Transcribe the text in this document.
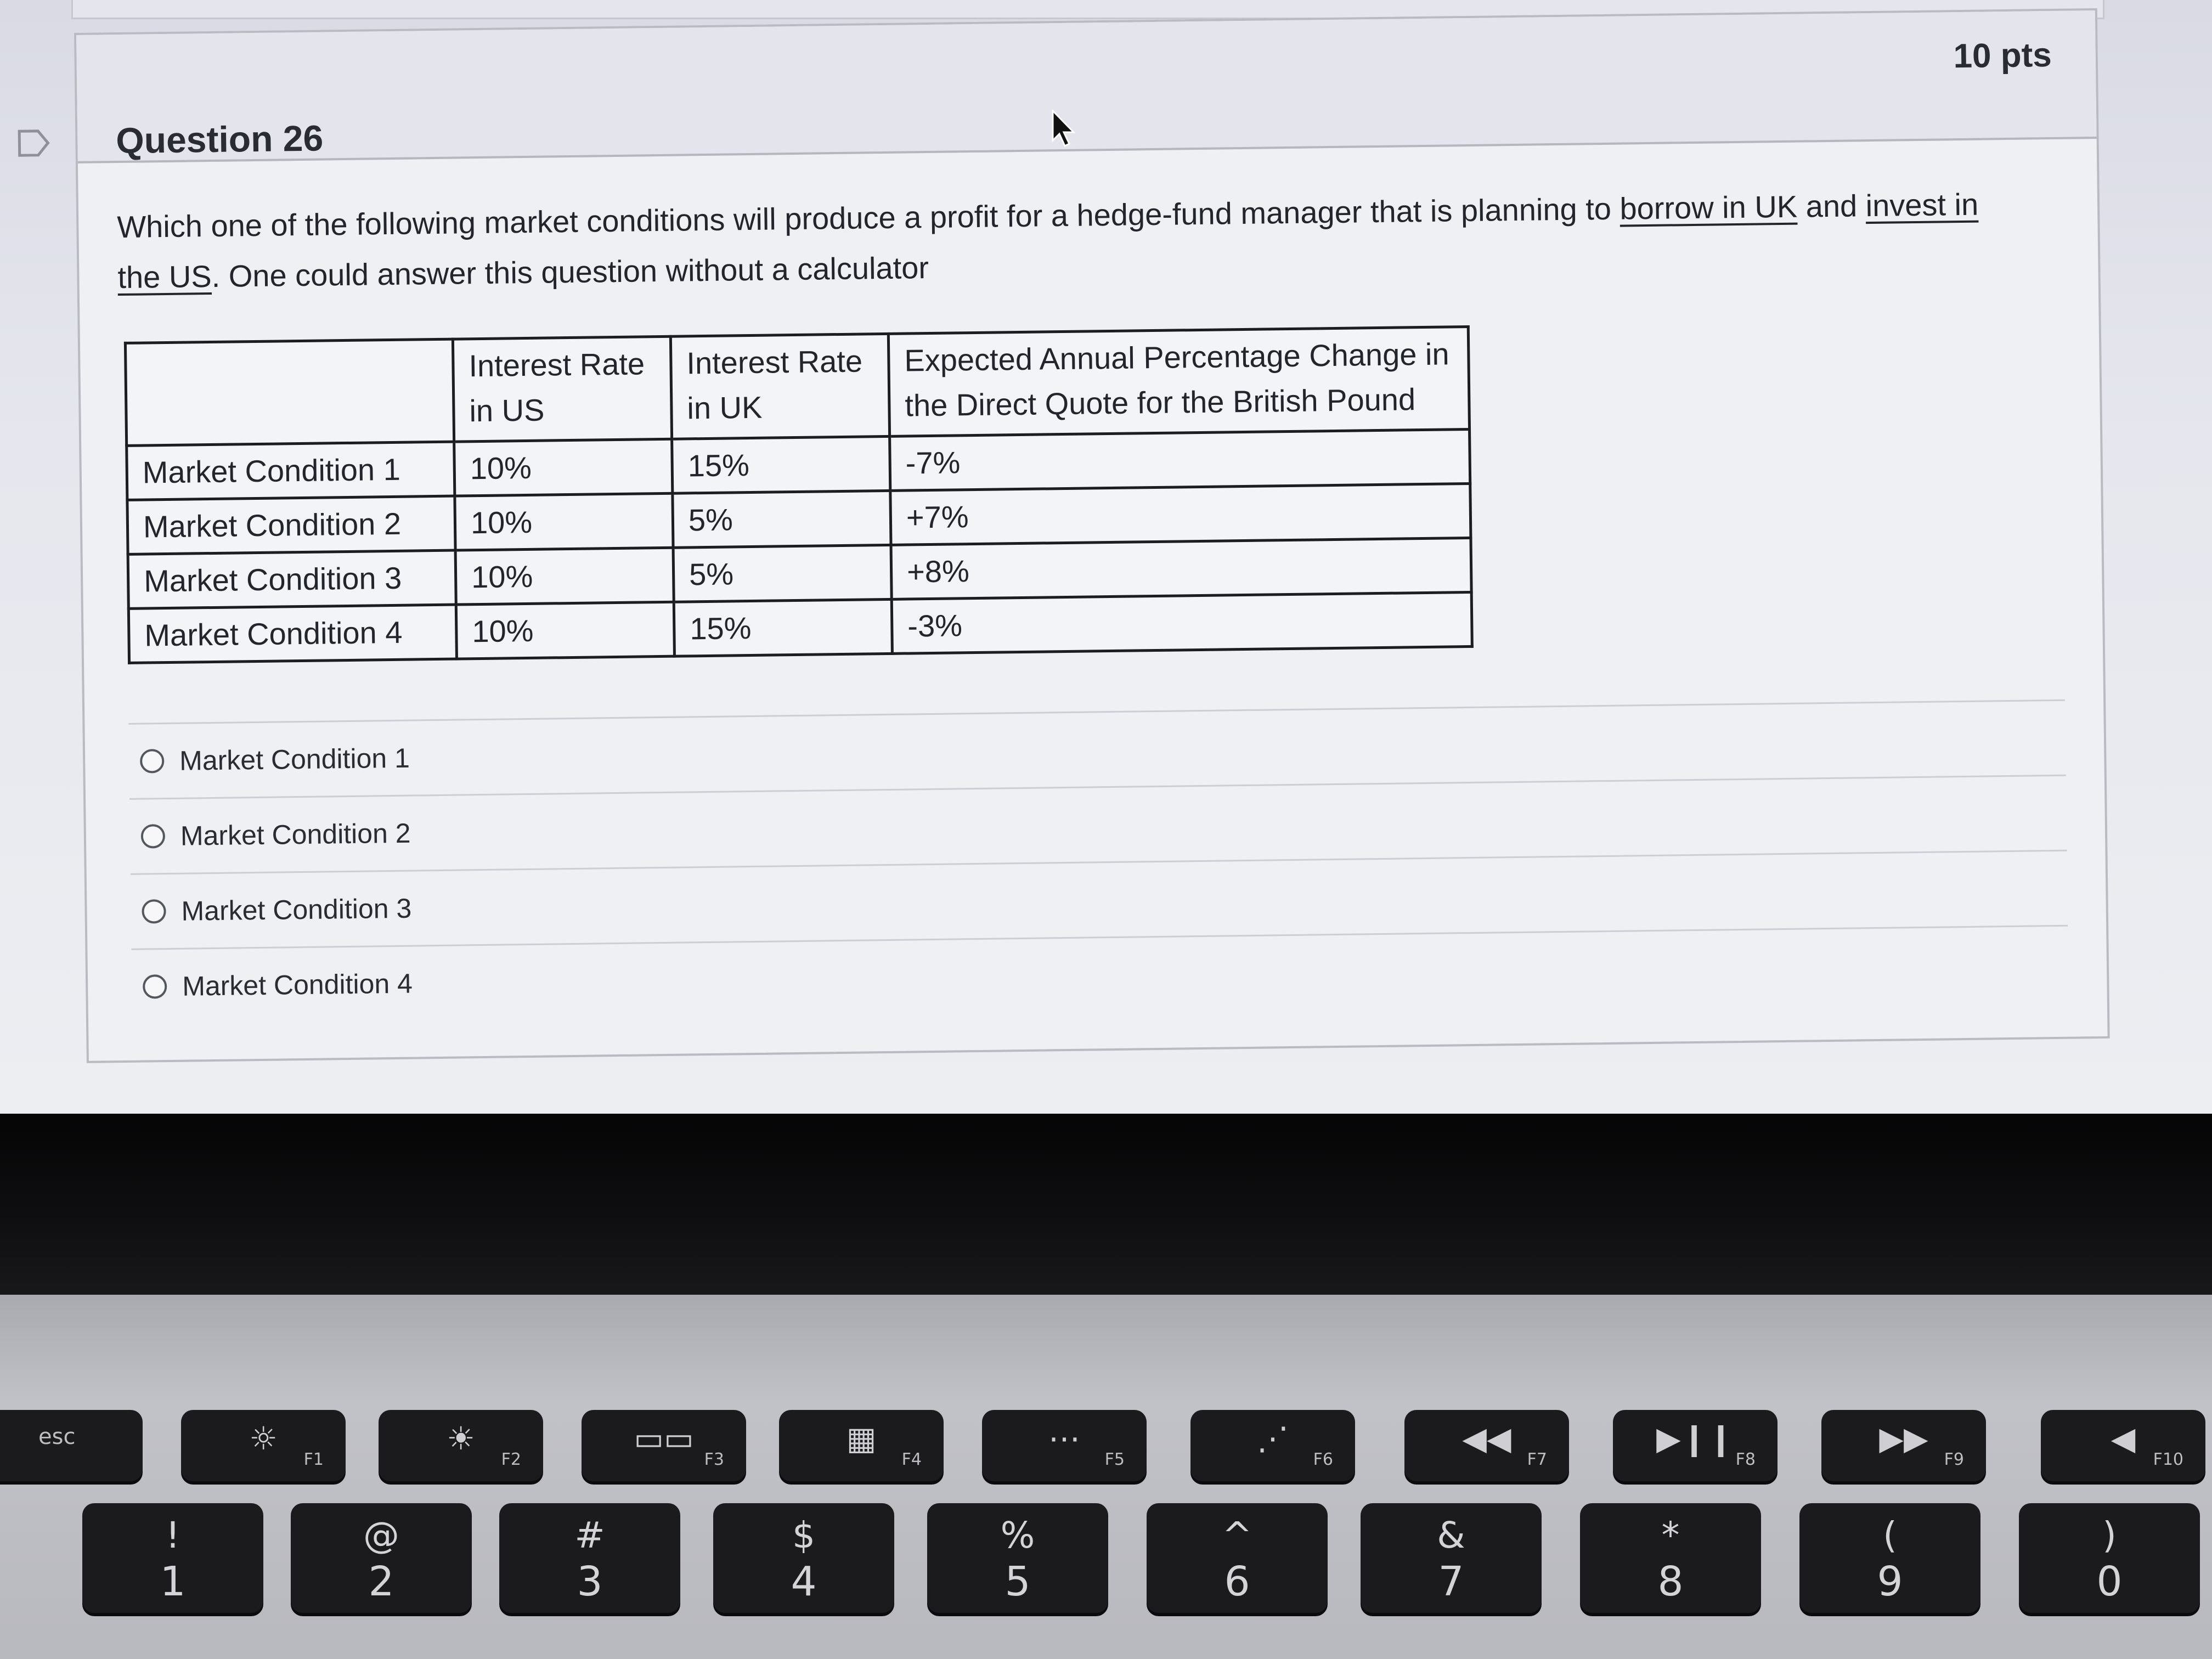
Question 26
10 pts
Which one of the following market conditions will produce a profit for a hedge-fund manager that is planning to borrow in UK and invest in the US. One could answer this question without a calculator
	Interest Rate in US	Interest Rate in UK	Expected Annual Percentage Change in the Direct Quote for the British Pound
Market Condition 1	10%	15%	-7%
Market Condition 2	10%	5%	+7%
Market Condition 3	10%	5%	+8%
Market Condition 4	10%	15%	-3%
Market Condition 1
Market Condition 2
Market Condition 3
Market Condition 4
esc	☼
F1
☀
F2
▭▭
F3
▦
F4
⋯
F5
⋰
F6
◀◀
F7
▶❙❙
F8
▶▶
F9
◀
F10
!
1
@
2
#
3
$
4
%
5
^
6
&
7
*
8
(
9
)
0
